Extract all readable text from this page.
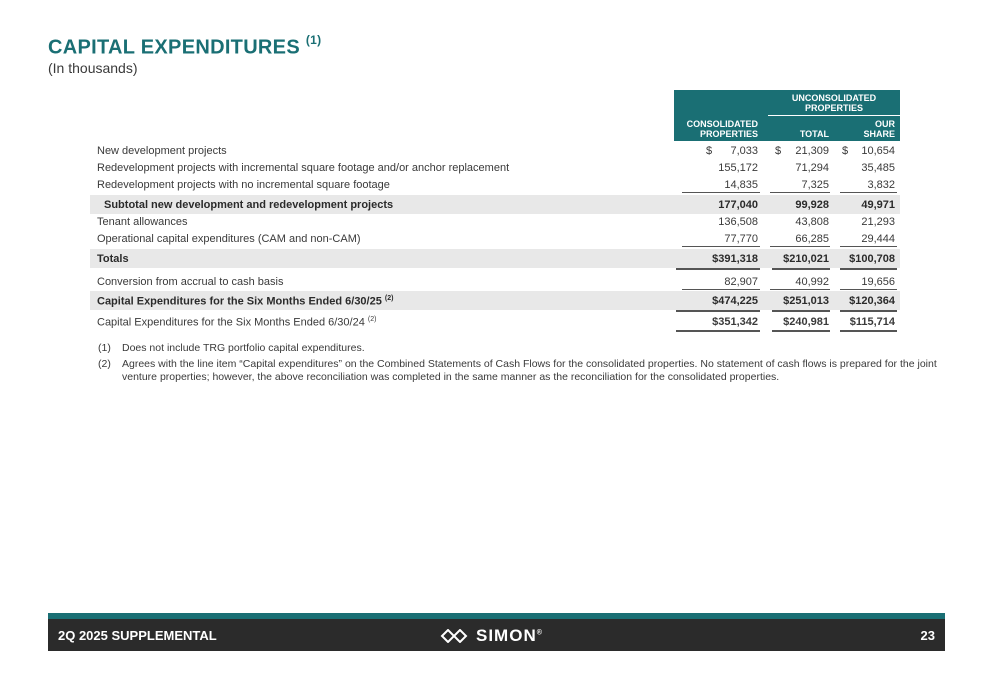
CAPITAL EXPENDITURES $^{(1)}$
(In thousands)
UNCONSOLIDATED
PROPERTIES
CONSOLIDATED
PROPERTIES	TOTAL
OUR
SHARE
New development projects	$ 7,033 $ 21,309 $ 10,654
Redevelopment projects with incremental square footage and/or anchor replacement	155,172	71,294	35,485
Redevelopment projects with no incremental square footage	14,835	7,325	3,832
Subtotal new development and redevelopment projects	177,040	99,928	49,971
Tenant allowances	136,508	43,808	21,293
Operational capital expenditures (CAM and non-CAM)	77,770	66,285	29,444
Totals	$391,318 $210,021 $100,708
Conversion from accrual to cash basis	82,907	40,992	19,656
Capital Expenditures for the Six Months Ended 6/30/25 $^{(2)}$	$474,225 $251,013 $120,364
Capital Expenditures for the Six Months Ended 6/30/24 $^{(2)}$	$351,342 $240,981 $115,714
(1)	Does not include TRG portfolio capital expenditures.
(2)	Agrees with the line item “Capital expenditures” on the Combined Statements of Cash Flows for the consolidated properties. No statement of cash flows is prepared for the joint venture properties; however, the above reconciliation was completed in the same manner as the reconciliation for the consolidated properties.
2Q 2025 SUPPLEMENTAL	SIMON®	23
